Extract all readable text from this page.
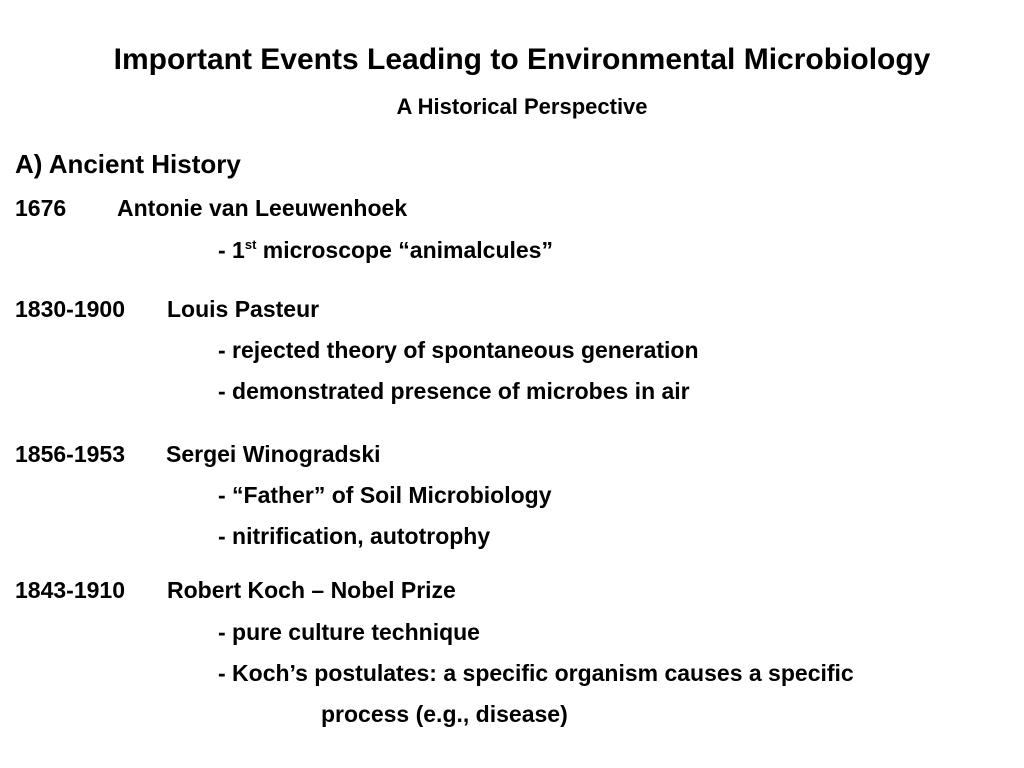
Important Events Leading to Environmental Microbiology
A Historical Perspective
A) Ancient History
1676 Antonie van Leeuwenhoek
- 1st microscope “animalcules”
1830-1900 Louis Pasteur
- rejected theory of spontaneous generation
- demonstrated presence of microbes in air
1856-1953 Sergei Winogradski
- “Father” of Soil Microbiology
- nitrification, autotrophy
1843-1910 Robert Koch – Nobel Prize
- pure culture technique
- Koch’s postulates: a specific organism causes a specific
process (e.g., disease)
